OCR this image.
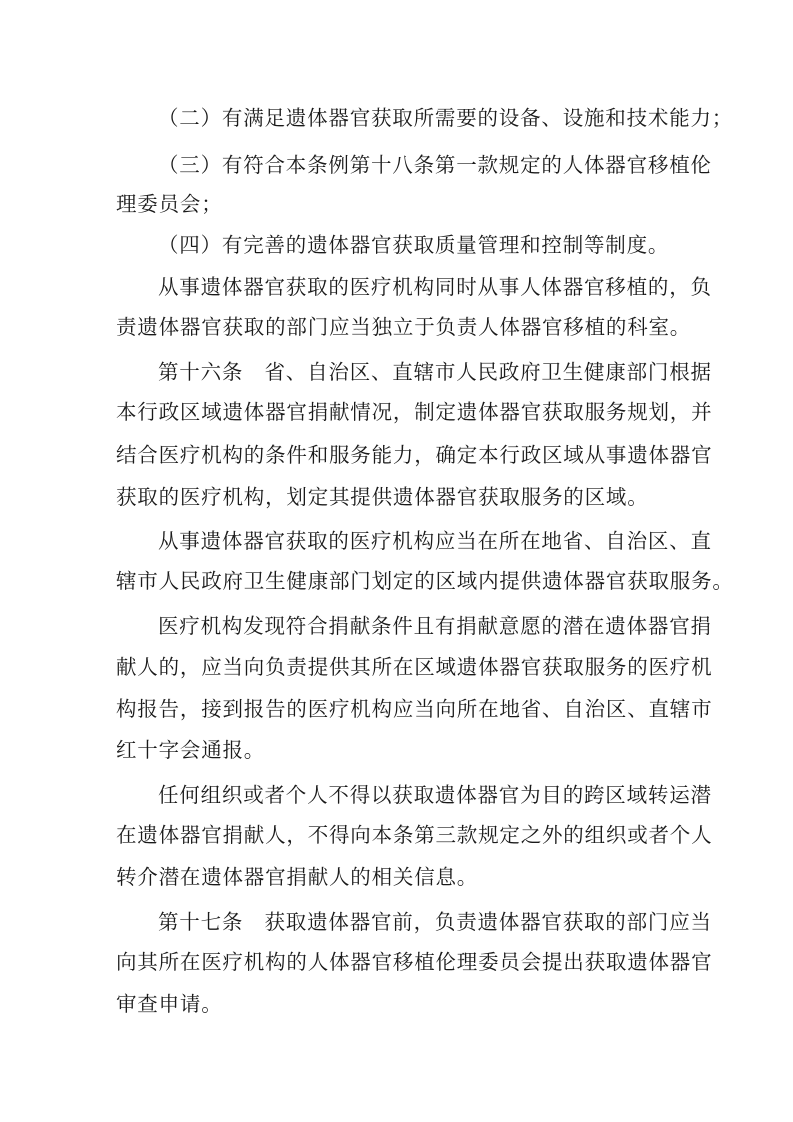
（二）有满足遗体器官获取所需要的设备、设施和技术能力；
（三）有符合本条例第十八条第一款规定的人体器官移植伦
理委员会；
（四）有完善的遗体器官获取质量管理和控制等制度。
从事遗体器官获取的医疗机构同时从事人体器官移植的，负
责遗体器官获取的部门应当独立于负责人体器官移植的科室。
第十六条　省、自治区、直辖市人民政府卫生健康部门根据
本行政区域遗体器官捐献情况，制定遗体器官获取服务规划，并
结合医疗机构的条件和服务能力，确定本行政区域从事遗体器官
获取的医疗机构，划定其提供遗体器官获取服务的区域。
从事遗体器官获取的医疗机构应当在所在地省、自治区、直
辖市人民政府卫生健康部门划定的区域内提供遗体器官获取服务。
医疗机构发现符合捐献条件且有捐献意愿的潜在遗体器官捐
献人的，应当向负责提供其所在区域遗体器官获取服务的医疗机
构报告，接到报告的医疗机构应当向所在地省、自治区、直辖市
红十字会通报。
任何组织或者个人不得以获取遗体器官为目的跨区域转运潜
在遗体器官捐献人，不得向本条第三款规定之外的组织或者个人
转介潜在遗体器官捐献人的相关信息。
第十七条　获取遗体器官前，负责遗体器官获取的部门应当
向其所在医疗机构的人体器官移植伦理委员会提出获取遗体器官
审查申请。
